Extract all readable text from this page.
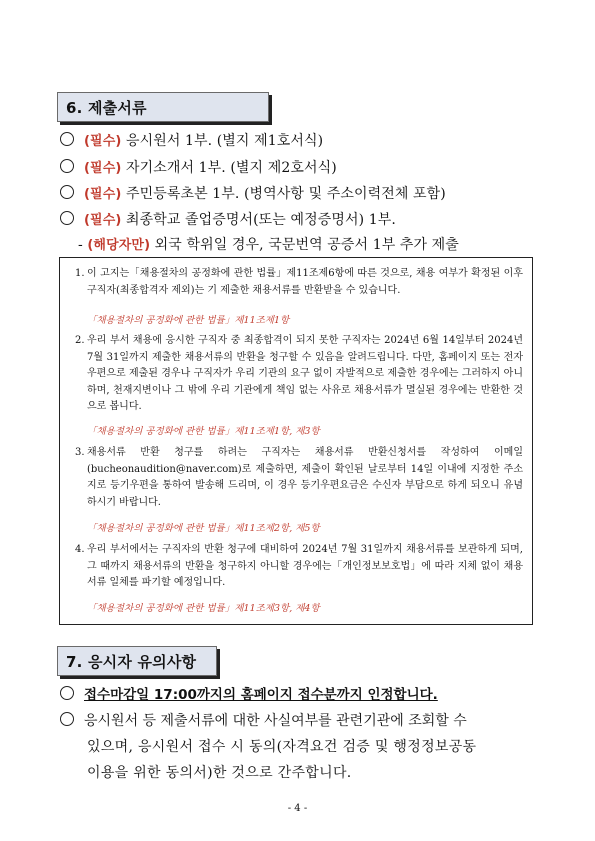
6. 제출서류
(필수) 응시원서 1부. (별지 제1호서식)
(필수) 자기소개서 1부. (별지 제2호서식)
(필수) 주민등록초본 1부. (병역사항 및 주소이력전체 포함)
(필수) 최종학교 졸업증명서(또는 예정증명서) 1부.
- (해당자만) 외국 학위일 경우, 국문번역 공증서 1부 추가 제출
1. 이 고지는「채용절차의 공정화에 관한 법률」제11조제6항에 따른 것으로, 채용 여부가 확정된 이후 구직자(최종합격자 제외)는 기 제출한 채용서류를 반환받을 수 있습니다.
「채용절차의 공정화에 관한 법률」제11조제1항
2. 우리 부서 채용에 응시한 구직자 중 최종합격이 되지 못한 구직자는 2024년 6월 14일부터 2024년 7월 31일까지 제출한 채용서류의 반환을 청구할 수 있음을 알려드립니다. 다만, 홈페이지 또는 전자우편으로 제출된 경우나 구직자가 우리 기관의 요구 없이 자발적으로 제출한 경우에는 그러하지 아니하며, 천재지변이나 그 밖에 우리 기관에게 책임 없는 사유로 채용서류가 멸실된 경우에는 반환한 것으로 봅니다.
「채용절차의 공정화에 관한 법률」제11조제1항, 제3항
3. 채용서류 반환 청구를 하려는 구직자는 채용서류 반환신청서를 작성하여 이메일(bucheonaudition@naver.com)로 제출하면, 제출이 확인된 날로부터 14일 이내에 지정한 주소지로 등기우편을 통하여 발송해 드리며, 이 경우 등기우편요금은 수신자 부담으로 하게 되오니 유념하시기 바랍니다.
「채용절차의 공정화에 관한 법률」제11조제2항, 제5항
4. 우리 부서에서는 구직자의 반환 청구에 대비하여 2024년 7월 31일까지 채용서류를 보관하게 되며, 그 때까지 채용서류의 반환을 청구하지 아니할 경우에는「개인정보보호법」에 따라 지체 없이 채용서류 일체를 파기할 예정입니다.
「채용절차의 공정화에 관한 법률」제11조제3항, 제4항
7. 응시자 유의사항
접수마감일 17:00까지의 홈페이지 접수분까지 인정합니다.
응시원서 등 제출서류에 대한 사실여부를 관련기관에 조회할 수
있으며, 응시원서 접수 시 동의(자격요건 검증 및 행정정보공동
이용을 위한 동의서)한 것으로 간주합니다.
- 4 -
